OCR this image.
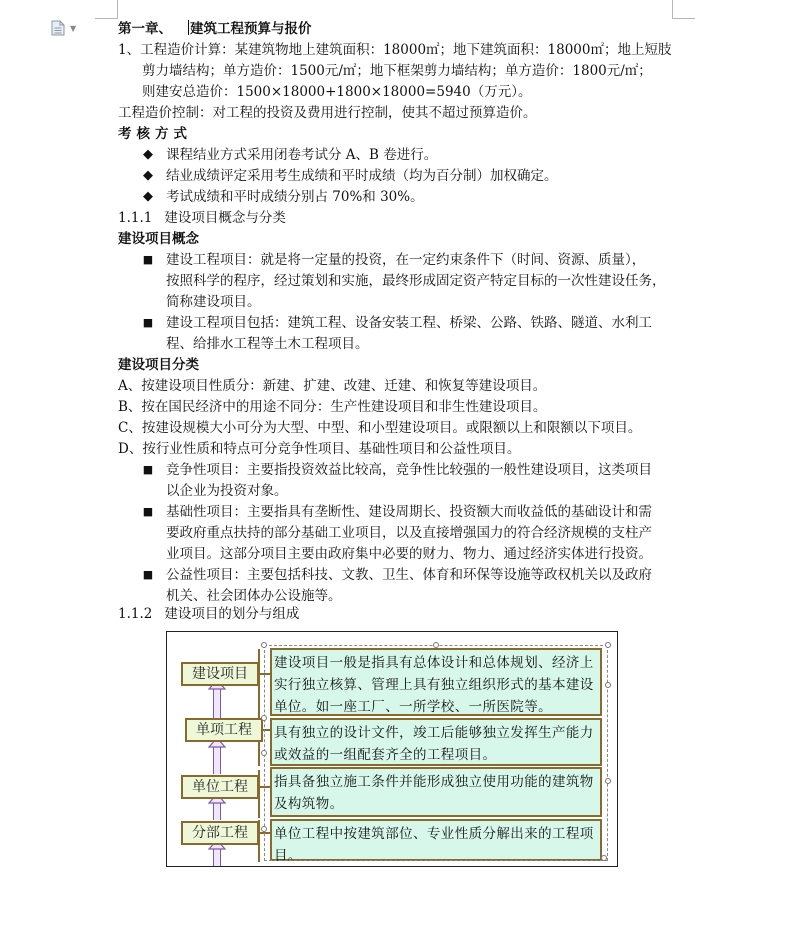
▼	第一章、 建筑工程预算与报价
1、工程造价计算：某建筑物地上建筑面积：18000㎡；地下建筑面积：18000㎡；地上短肢
剪力墙结构；单方造价：1500元/㎡；地下框架剪力墙结构；单方造价：1800元/㎡；
则建安总造价：1500×18000+1800×18000=5940（万元）。
工程造价控制：对工程的投资及费用进行控制，使其不超过预算造价。
考核方式
◆ 课程结业方式采用闭卷考试分 A、B 卷进行。
◆ 结业成绩评定采用考生成绩和平时成绩（均为百分制）加权确定。
◆ 考试成绩和平时成绩分别占 70%和 30%。
1.1.1 建设项目概念与分类
建设项目概念
■ 建设工程项目：就是将一定量的投资，在一定约束条件下（时间、资源、质量），
按照科学的程序，经过策划和实施，最终形成固定资产特定目标的一次性建设任务，
简称建设项目。
■ 建设工程项目包括：建筑工程、设备安装工程、桥梁、公路、铁路、隧道、水利工
程、给排水工程等土木工程项目。
建设项目分类
A、按建设项目性质分：新建、扩建、改建、迁建、和恢复等建设项目。
B、按在国民经济中的用途不同分：生产性建设项目和非生性建设项目。
C、按建设规模大小可分为大型、中型、和小型建设项目。或限额以上和限额以下项目。
D、按行业性质和特点可分竞争性项目、基础性项目和公益性项目。
■ 竞争性项目：主要指投资效益比较高，竞争性比较强的一般性建设项目，这类项目
以企业为投资对象。
■ 基础性项目：主要指具有垄断性、建设周期长、投资额大而收益低的基础设计和需
要政府重点扶持的部分基础工业项目，以及直接增强国力的符合经济规模的支柱产
业项目。这部分项目主要由政府集中必要的财力、物力、通过经济实体进行投资。
■ 公益性项目：主要包括科技、文教、卫生、体育和环保等设施等政权机关以及政府
机关、社会团体办公设施等。
1.1.2 建设项目的划分与组成
建设项目
单项工程
单位工程
分部工程
建设项目一般是指具有总体设计和总体规划、经济上实行独立核算、管理上具有独立组织形式的基本建设单位。如一座工厂、一所学校、一所医院等。
具有独立的设计文件，竣工后能够独立发挥生产能力或效益的一组配套齐全的工程项目。
指具备独立施工条件并能形成独立使用功能的建筑物及构筑物。
单位工程中按建筑部位、专业性质分解出来的工程项目。
